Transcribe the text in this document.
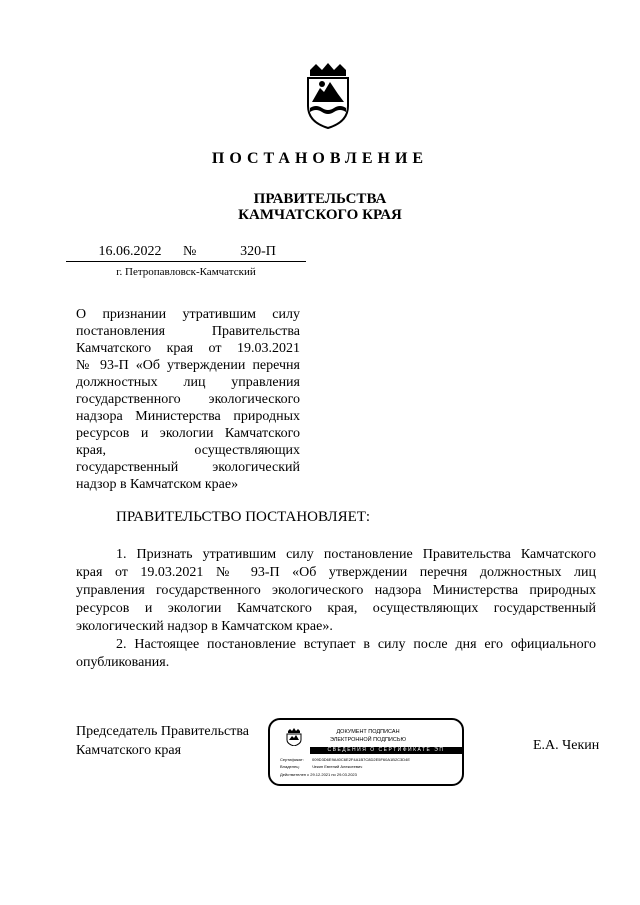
ПОСТАНОВЛЕНИЕ
ПРАВИТЕЛЬСТВА
КАМЧАТСКОГО КРАЯ
16.06.2022	№	320-П
г. Петропавловск-Камчатский
О признании утратившим силу
постановления Правительства
Камчатского края от 19.03.2021
№ 93-П «Об утверждении перечня
должностных лиц управления
государственного экологического
надзора Министерства природных
ресурсов и экологии Камчатского
края, осуществляющих
государственный экологический
надзор в Камчатском крае»
ПРАВИТЕЛЬСТВО ПОСТАНОВЛЯЕТ:
1. Признать утратившим силу постановление Правительства Камчатского
края от 19.03.2021 № 93-П «Об утверждении перечня должностных лиц
управления государственного экологического надзора Министерства природных
ресурсов и экологии Камчатского края, осуществляющих государственный
экологический надзор в Камчатском крае».
2. Настоящее постановление вступает в силу после дня его официального
опубликования.
Председатель Правительства
Камчатского края	Е.А. Чекин
ДОКУМЕНТ ПОДПИСАН
ЭЛЕКТРОННОЙ ПОДПИСЬЮ
СВЕДЕНИЯ О СЕРТИФИКАТЕ ЭП
Сертификат: 009D3D6E9A40C6E2F4A1B7C8D2E5F60A1B2C3D4E
Владелец:	Чекин Евгений Алексеевич
Действителен с 29.12.2021 по 29.03.2023
